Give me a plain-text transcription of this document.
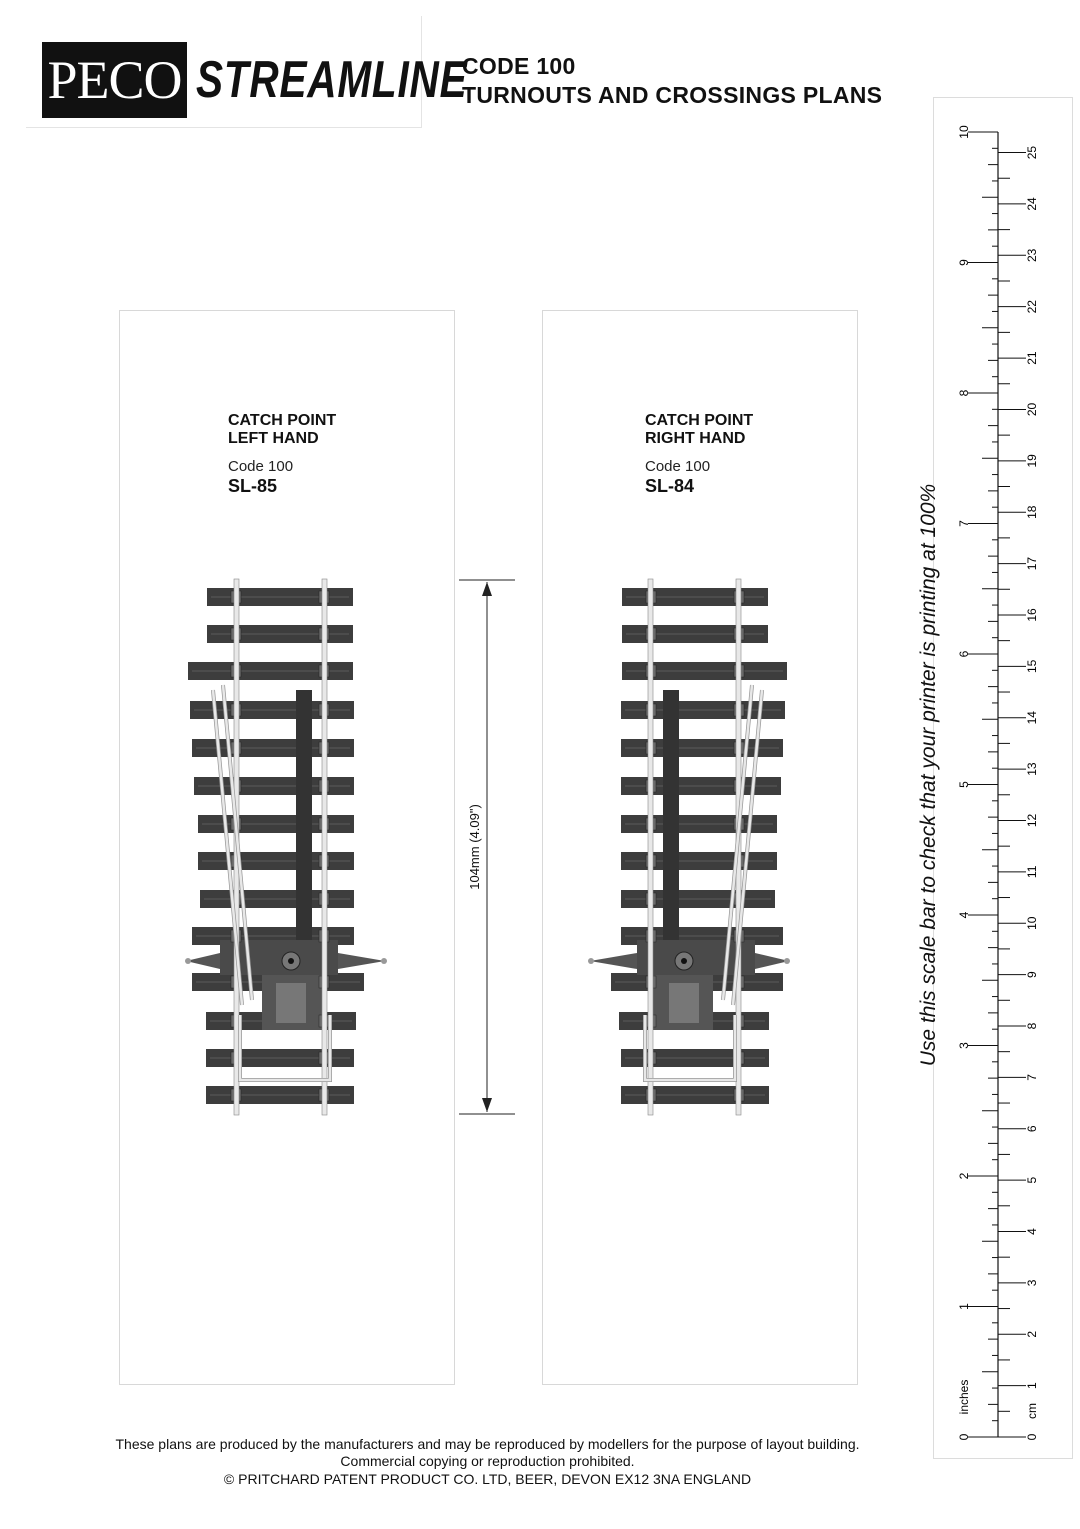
PECO STREAMLINE
CODE 100
TURNOUTS AND CROSSINGS PLANS
CATCH POINT
LEFT HAND
Code 100
SL-85
CATCH POINT
RIGHT HAND
Code 100
SL-84
104mm (4.09")
0
1
2
3
4
5
6
7
8
9
10
0
1
2
3
4
5
6
7
8
9
10
11
12
13
14
15
16
17
18
19
20
21
22
23
24
25
inches	cm
Use this scale bar to check that your printer is printing at 100%
These plans are produced by the manufacturers and may be reproduced by modellers for the purpose of layout building.
Commercial copying or reproduction prohibited.
© PRITCHARD PATENT PRODUCT CO. LTD, BEER, DEVON EX12 3NA ENGLAND
